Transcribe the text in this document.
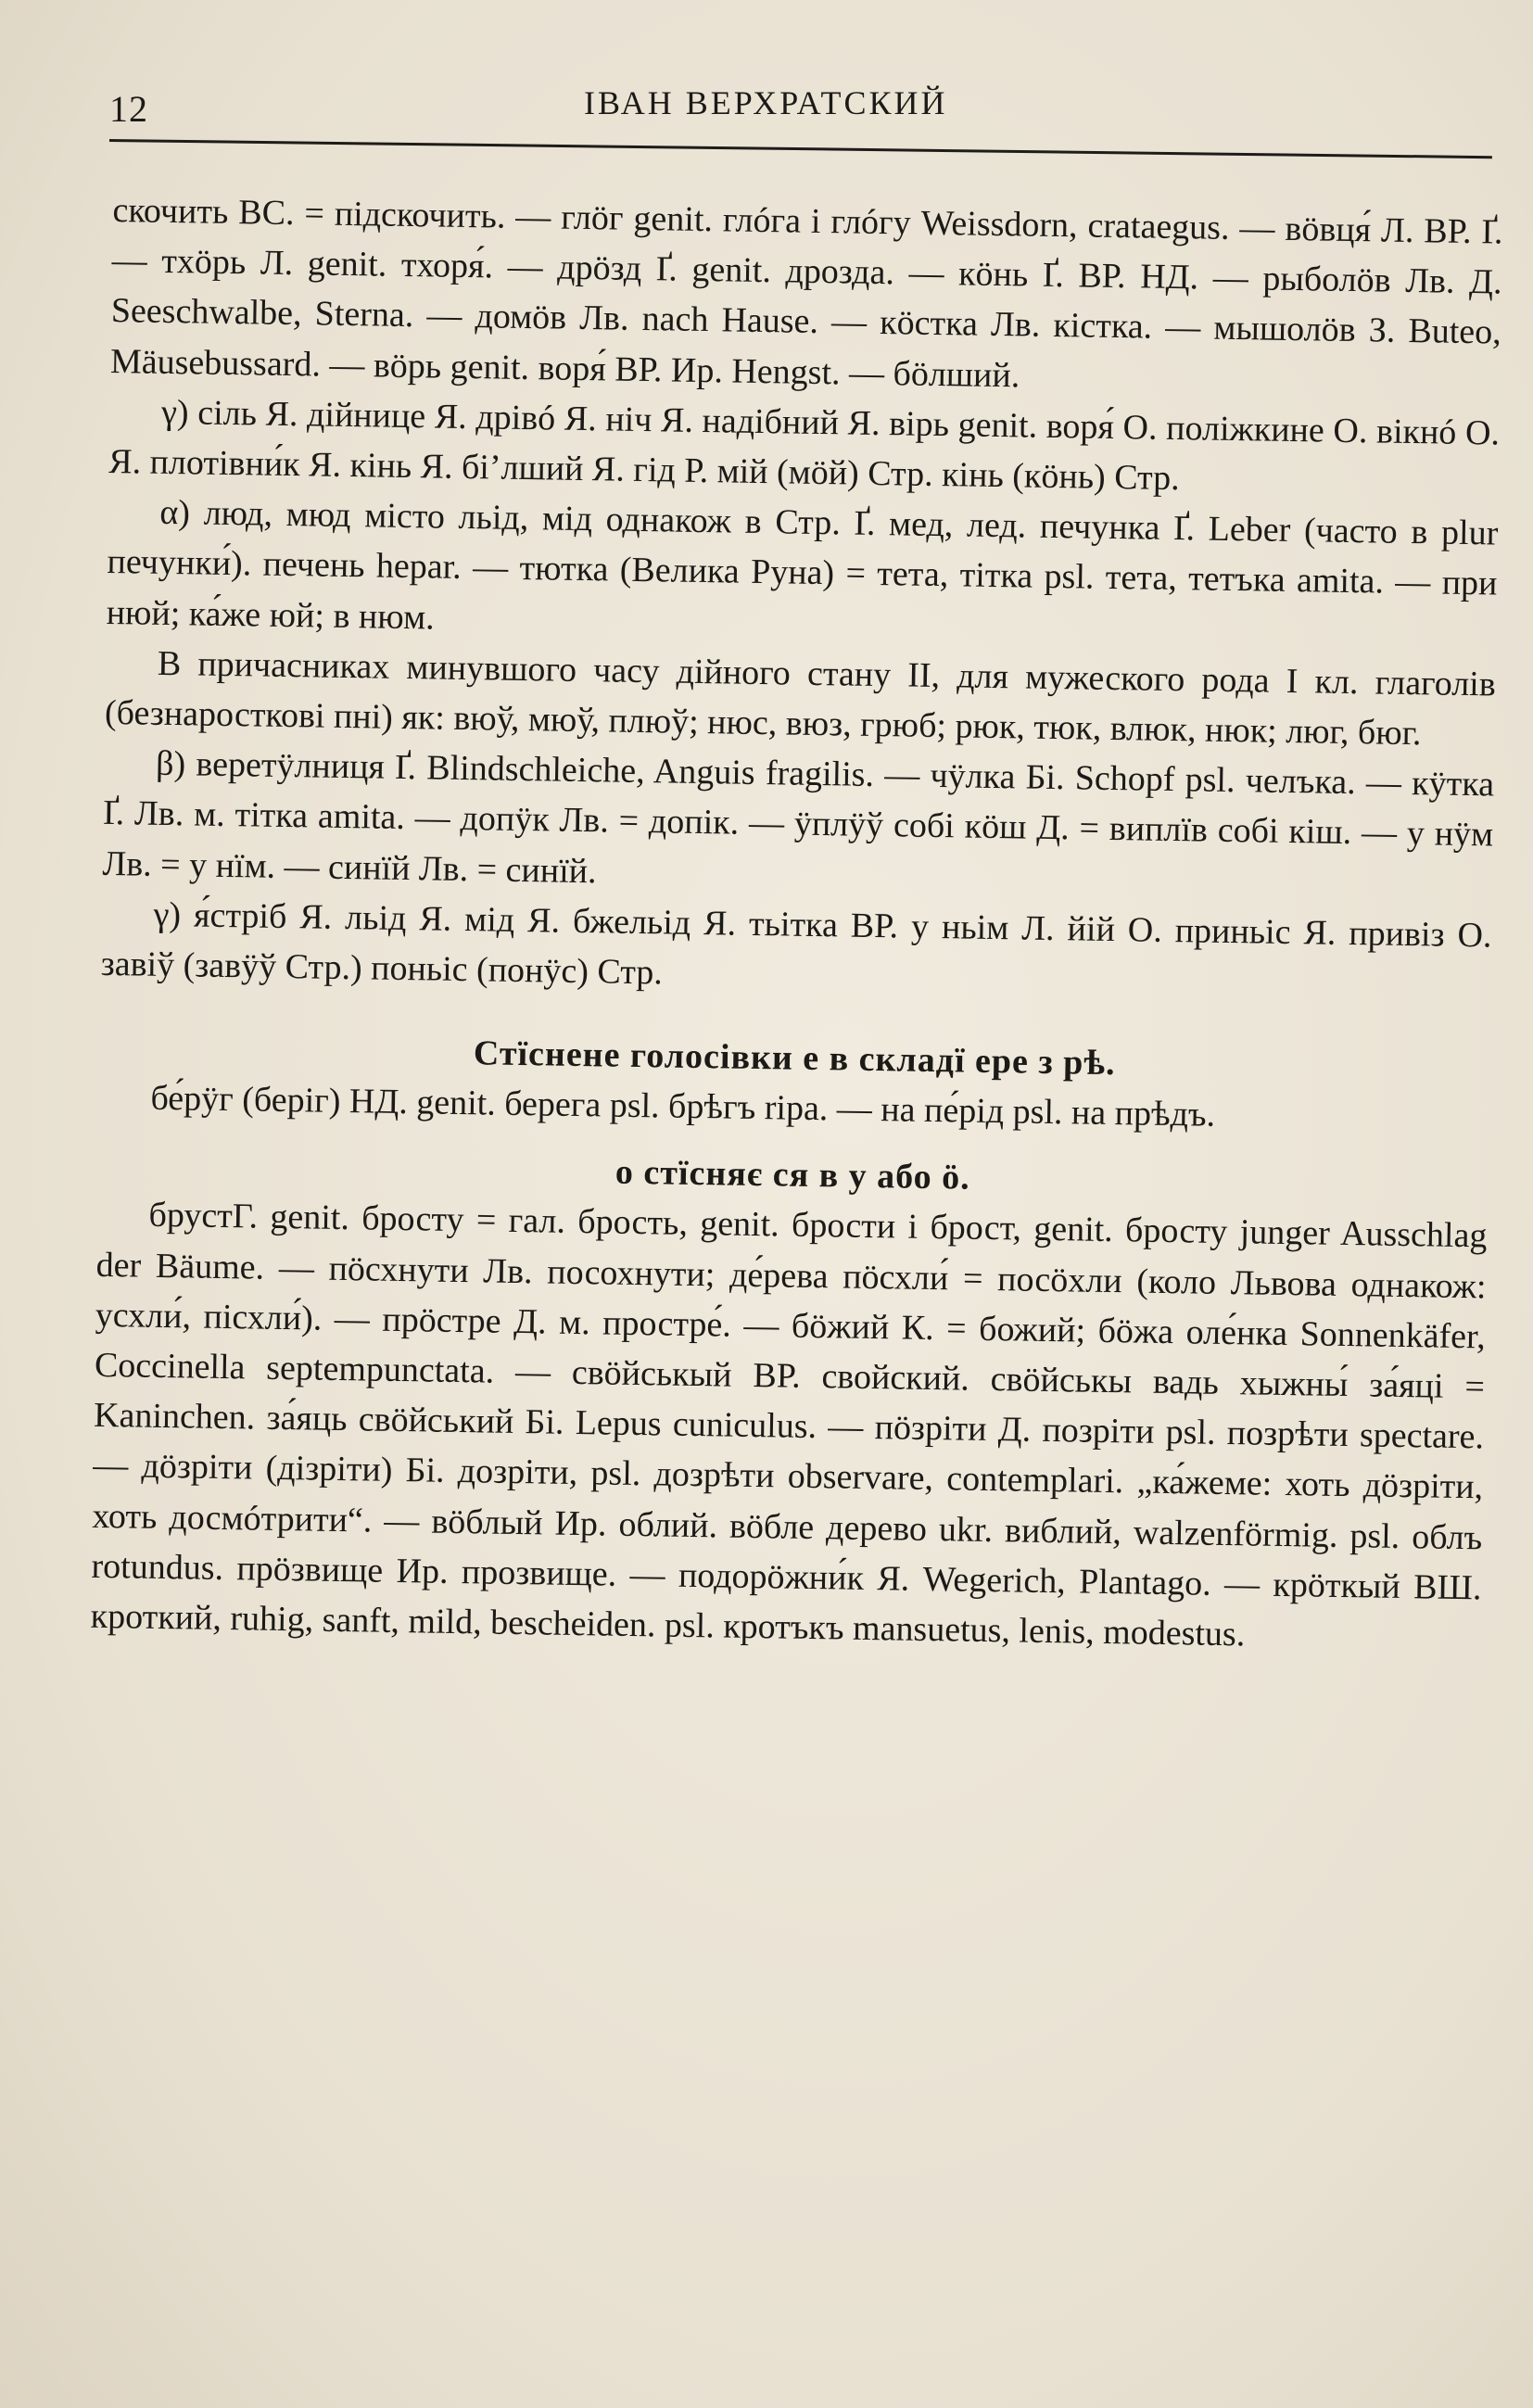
12	ІВАН ВЕРХРАТСКИЙ

скочить ВС. = підскочить. — глӧг genit. глóга і глóгу Weissdorn, crataegus. — вӧвця́ Л. ВР. Ґ. — тхӧрь Л. genit. тхоря́. — дрӧзд Ґ. genit. дрозда. — кӧнь Ґ. ВР. НД. — рыболӧв Лв. Д. Seeschwalbe, Sterna. — домӧв Лв. nach Hause. — кӧстка Лв. кістка. — мышолӧв З. Buteo, Mäusebussard. — вӧрь genit. воря́ ВР. Ир. Hengst. — бӧлший.

γ) сіль Я. дійнице Я. дрівó Я. ніч Я. надібний Я. вірь genit. воря́ О. поліжкине О. вікнó О. Я. плотівни́к Я. кінь Я. біʼлший Я. гід Р. мій (мӧй) Стр. кінь (кӧнь) Стр.

α) люд, мюд місто льід, мід однакож в Стр. Ґ. мед, лед. печунка Ґ. Leber (часто в plur печунки́). печень hepar. — тютка (Велика Руна) = тета, тітка psl. тета, тетъка amita. — при нюй; ка́же юй; в нюм.

В причасниках минувшого часу дійного стану II, для мужеского рода I кл. глаголів (безнаросткові пні) як: вюў, мюў, плюў; нюс, вюз, грюб; рюк, тюк, влюк, нюк; люг, бюг.

β) веретӱлниця Ґ. Blindschleiche, Anguis fragilis. — чӱлка Бі. Schopf psl. челъка. — кӱтка Ґ. Лв. м. тітка amita. — допӱк Лв. = допік. — ӱплӱў собі кӧш Д. = виплїв собі кіш. — у нӱм Лв. = у нїм. — синїй Лв. = синїй.

γ) я́стріб Я. льід Я. мід Я. бжельід Я. тьітка ВР. у ньім Л. йій О. приньіс Я. привіз О. завіў (завӱў Стр.) поньіс (понӱс) Стр.

Стїснене голосівки е в складї ере з рѣ.

бе́рӱг (беріг) НД. genit. берега psl. брѣгъ ripa. — на пе́рід psl. на прѣдъ.

о стїсняє ся в у або ӧ.

брустГ. genit. бросту = гал. брость, genit. брости і брост, genit. бросту junger Ausschlag der Bäume. — пӧсхнути Лв. посохнути; де́рева пӧсхли́ = посӧхли (коло Львова однакож: усхли́, пісхли́). — прӧстре Д. м. простре́. — бӧжий К. = божий; бӧжа оле́нка Sonnenkäfer, Coccinella septempunctata. — свӧйськый ВР. свойский. свӧйськы вадь хыжны́ за́яці = Kaninchen. за́яць свӧйський Бі. Lepus cuniculus. — пӧзріти Д. позріти psl. позрѣти spectare. — дӧзріти (дізріти) Бі. дозріти, psl. дозрѣти observare, contemplari. „ка́жеме: хоть дӧзріти, хоть досмóтрити“. — вӧблый Ир. облий. вӧбле дерево ukr. виблий, walzenförmig. psl. облъ rotundus. прӧзвище Ир. прозвище. — подорӧжни́к Я. Wegerich, Plantago. — крӧткый ВШ. кроткий, ruhig, sanft, mild, bescheiden. psl. кротъкъ mansuetus, lenis, modestus.
